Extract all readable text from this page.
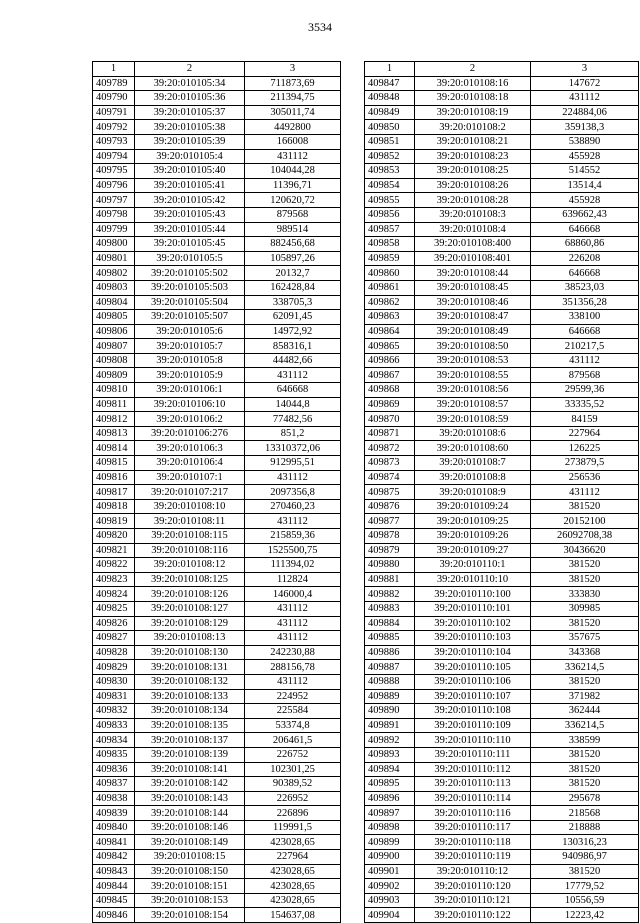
3534
1	2	3
409789	39:20:010105:34	711873,69
409790	39:20:010105:36	211394,75
409791	39:20:010105:37	305011,74
409792	39:20:010105:38	4492800
409793	39:20:010105:39	166008
409794	39:20:010105:4	431112
409795	39:20:010105:40	104044,28
409796	39:20:010105:41	11396,71
409797	39:20:010105:42	120620,72
409798	39:20:010105:43	879568
409799	39:20:010105:44	989514
409800	39:20:010105:45	882456,68
409801	39:20:010105:5	105897,26
409802	39:20:010105:502	20132,7
409803	39:20:010105:503	162428,84
409804	39:20:010105:504	338705,3
409805	39:20:010105:507	62091,45
409806	39:20:010105:6	14972,92
409807	39:20:010105:7	858316,1
409808	39:20:010105:8	44482,66
409809	39:20:010105:9	431112
409810	39:20:010106:1	646668
409811	39:20:010106:10	14044,8
409812	39:20:010106:2	77482,56
409813	39:20:010106:276	851,2
409814	39:20:010106:3	13310372,06
409815	39:20:010106:4	912995,51
409816	39:20:010107:1	431112
409817	39:20:010107:217	2097356,8
409818	39:20:010108:10	270460,23
409819	39:20:010108:11	431112
409820	39:20:010108:115	215859,36
409821	39:20:010108:116	1525500,75
409822	39:20:010108:12	111394,02
409823	39:20:010108:125	112824
409824	39:20:010108:126	146000,4
409825	39:20:010108:127	431112
409826	39:20:010108:129	431112
409827	39:20:010108:13	431112
409828	39:20:010108:130	242230,88
409829	39:20:010108:131	288156,78
409830	39:20:010108:132	431112
409831	39:20:010108:133	224952
409832	39:20:010108:134	225584
409833	39:20:010108:135	53374,8
409834	39:20:010108:137	206461,5
409835	39:20:010108:139	226752
409836	39:20:010108:141	102301,25
409837	39:20:010108:142	90389,52
409838	39:20:010108:143	226952
409839	39:20:010108:144	226896
409840	39:20:010108:146	119991,5
409841	39:20:010108:149	423028,65
409842	39:20:010108:15	227964
409843	39:20:010108:150	423028,65
409844	39:20:010108:151	423028,65
409845	39:20:010108:153	423028,65
409846	39:20:010108:154	154637,08
1	2	3
409847	39:20:010108:16	147672
409848	39:20:010108:18	431112
409849	39:20:010108:19	224884,06
409850	39:20:010108:2	359138,3
409851	39:20:010108:21	538890
409852	39:20:010108:23	455928
409853	39:20:010108:25	514552
409854	39:20:010108:26	13514,4
409855	39:20:010108:28	455928
409856	39:20:010108:3	639662,43
409857	39:20:010108:4	646668
409858	39:20:010108:400	68860,86
409859	39:20:010108:401	226208
409860	39:20:010108:44	646668
409861	39:20:010108:45	38523,03
409862	39:20:010108:46	351356,28
409863	39:20:010108:47	338100
409864	39:20:010108:49	646668
409865	39:20:010108:50	210217,5
409866	39:20:010108:53	431112
409867	39:20:010108:55	879568
409868	39:20:010108:56	29599,36
409869	39:20:010108:57	33335,52
409870	39:20:010108:59	84159
409871	39:20:010108:6	227964
409872	39:20:010108:60	126225
409873	39:20:010108:7	273879,5
409874	39:20:010108:8	256536
409875	39:20:010108:9	431112
409876	39:20:010109:24	381520
409877	39:20:010109:25	20152100
409878	39:20:010109:26	26092708,38
409879	39:20:010109:27	30436620
409880	39:20:010110:1	381520
409881	39:20:010110:10	381520
409882	39:20:010110:100	333830
409883	39:20:010110:101	309985
409884	39:20:010110:102	381520
409885	39:20:010110:103	357675
409886	39:20:010110:104	343368
409887	39:20:010110:105	336214,5
409888	39:20:010110:106	381520
409889	39:20:010110:107	371982
409890	39:20:010110:108	362444
409891	39:20:010110:109	336214,5
409892	39:20:010110:110	338599
409893	39:20:010110:111	381520
409894	39:20:010110:112	381520
409895	39:20:010110:113	381520
409896	39:20:010110:114	295678
409897	39:20:010110:116	218568
409898	39:20:010110:117	218888
409899	39:20:010110:118	130316,23
409900	39:20:010110:119	940986,97
409901	39:20:010110:12	381520
409902	39:20:010110:120	17779,52
409903	39:20:010110:121	10556,59
409904	39:20:010110:122	12223,42
